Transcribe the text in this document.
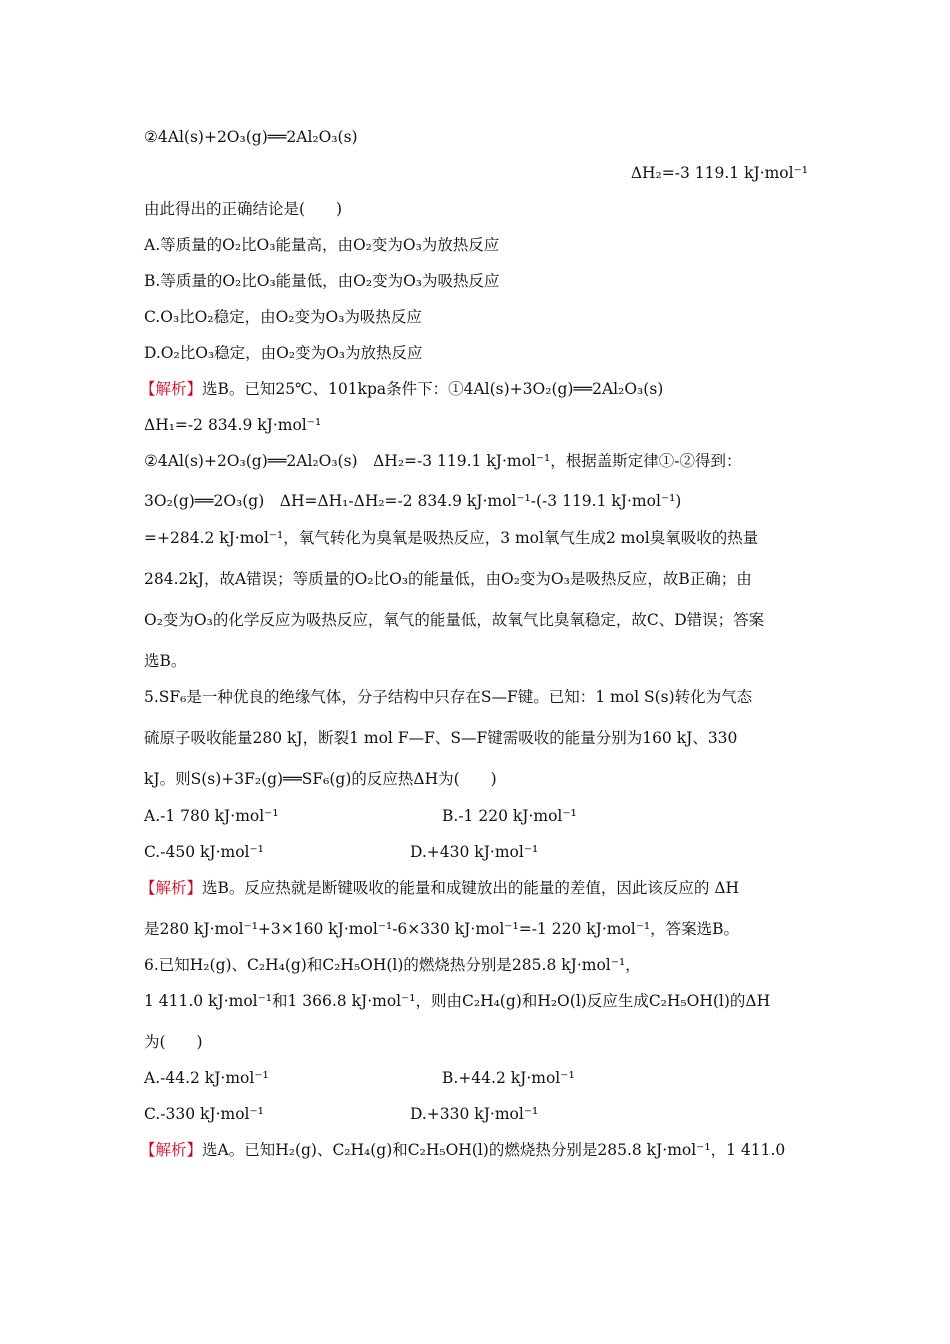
②4Al(s)+2O₃(g)══2Al₂O₃(s)
ΔH₂=-3 119.1 kJ·mol⁻¹
由此得出的正确结论是(　　)
A.等质量的O₂比O₃能量高，由O₂变为O₃为放热反应
B.等质量的O₂比O₃能量低，由O₂变为O₃为吸热反应
C.O₃比O₂稳定，由O₂变为O₃为吸热反应
D.O₂比O₃稳定，由O₂变为O₃为放热反应
【解析】选B。已知25℃、101kpa条件下：①4Al(s)+3O₂(g)══2Al₂O₃(s)
ΔH₁=-2 834.9 kJ·mol⁻¹
②4Al(s)+2O₃(g)══2Al₂O₃(s)　ΔH₂=-3 119.1 kJ·mol⁻¹，根据盖斯定律①-②得到：
3O₂(g)══2O₃(g)　ΔH=ΔH₁-ΔH₂=-2 834.9 kJ·mol⁻¹-(-3 119.1 kJ·mol⁻¹)
=+284.2 kJ·mol⁻¹，氧气转化为臭氧是吸热反应，3 mol氧气生成2 mol臭氧吸收的热量
284.2kJ，故A错误；等质量的O₂比O₃的能量低，由O₂变为O₃是吸热反应，故B正确；由
O₂变为O₃的化学反应为吸热反应，氧气的能量低，故氧气比臭氧稳定，故C、D错误；答案
选B。
5.SF₆是一种优良的绝缘气体，分子结构中只存在S—F键。已知：1 mol S(s)转化为气态
硫原子吸收能量280 kJ，断裂1 mol F—F、S—F键需吸收的能量分别为160 kJ、330
kJ。则S(s)+3F₂(g)══SF₆(g)的反应热ΔH为(　　)
A.-1 780 kJ·mol⁻¹	B.-1 220 kJ·mol⁻¹
C.-450 kJ·mol⁻¹	D.+430 kJ·mol⁻¹
【解析】选B。反应热就是断键吸收的能量和成键放出的能量的差值，因此该反应的 ΔH
是280 kJ·mol⁻¹+3×160 kJ·mol⁻¹-6×330 kJ·mol⁻¹=-1 220 kJ·mol⁻¹，答案选B。
6.已知H₂(g)、C₂H₄(g)和C₂H₅OH(l)的燃烧热分别是285.8 kJ·mol⁻¹，
1 411.0 kJ·mol⁻¹和1 366.8 kJ·mol⁻¹，则由C₂H₄(g)和H₂O(l)反应生成C₂H₅OH(l)的ΔH
为(　　)
A.-44.2 kJ·mol⁻¹	B.+44.2 kJ·mol⁻¹
C.-330 kJ·mol⁻¹	D.+330 kJ·mol⁻¹
【解析】选A。已知H₂(g)、C₂H₄(g)和C₂H₅OH(l)的燃烧热分别是285.8 kJ·mol⁻¹，1 411.0
